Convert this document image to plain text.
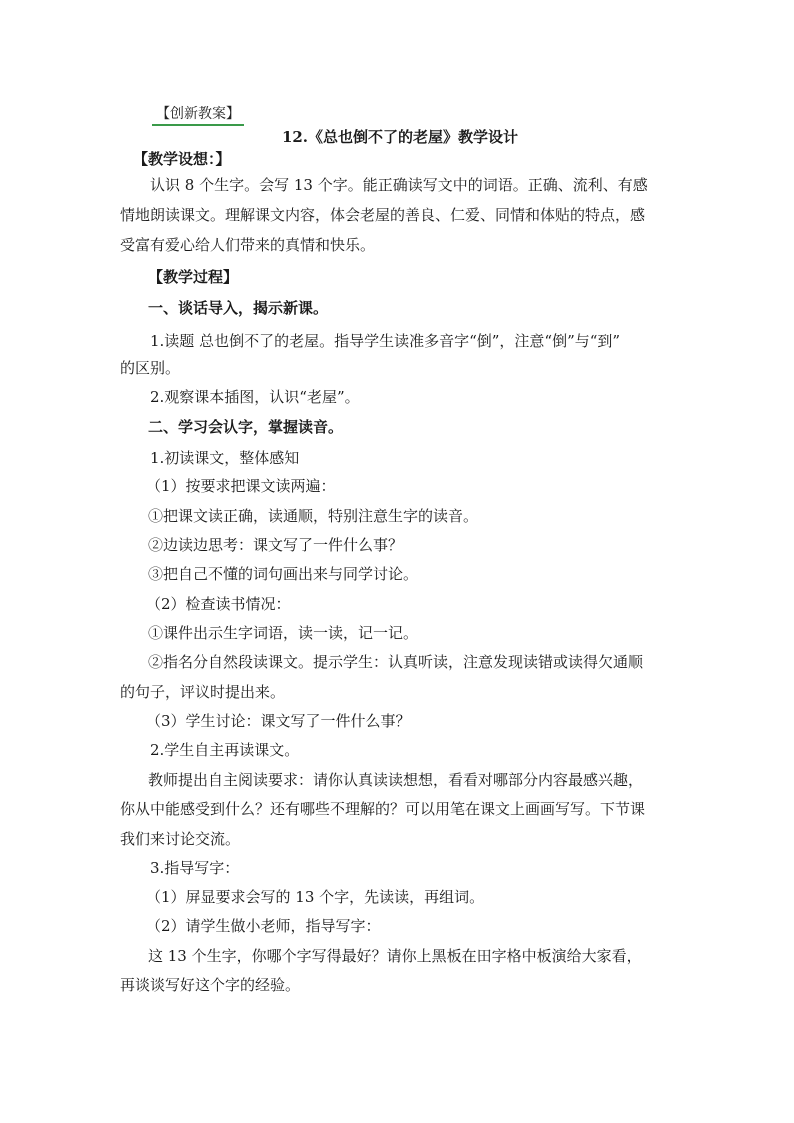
【创新教案】
12.《总也倒不了的老屋》教学设计
【教学设想：】
认识 8 个生字。会写 13 个字。能正确读写文中的词语。正确、流利、有感
情地朗读课文。理解课文内容，体会老屋的善良、仁爱、同情和体贴的特点，感
受富有爱心给人们带来的真情和快乐。
【教学过程】
一、谈话导入，揭示新课。
1.读题 总也倒不了的老屋。指导学生读准多音字“倒”，注意“倒”与“到”
的区别。
2.观察课本插图，认识“老屋”。
二、学习会认字，掌握读音。
1.初读课文，整体感知
（1）按要求把课文读两遍：
①把课文读正确，读通顺，特别注意生字的读音。
②边读边思考：课文写了一件什么事？
③把自己不懂的词句画出来与同学讨论。
（2）检查读书情况：
①课件出示生字词语，读一读，记一记。
②指名分自然段读课文。提示学生：认真听读，注意发现读错或读得欠通顺
的句子，评议时提出来。
（3）学生讨论：课文写了一件什么事？
2.学生自主再读课文。
教师提出自主阅读要求：请你认真读读想想，看看对哪部分内容最感兴趣，
你从中能感受到什么？还有哪些不理解的？可以用笔在课文上画画写写。下节课
我们来讨论交流。
3.指导写字：
（1）屏显要求会写的 13 个字，先读读，再组词。
（2）请学生做小老师，指导写字：
这 13 个生字，你哪个字写得最好？请你上黑板在田字格中板演给大家看，
再谈谈写好这个字的经验。
